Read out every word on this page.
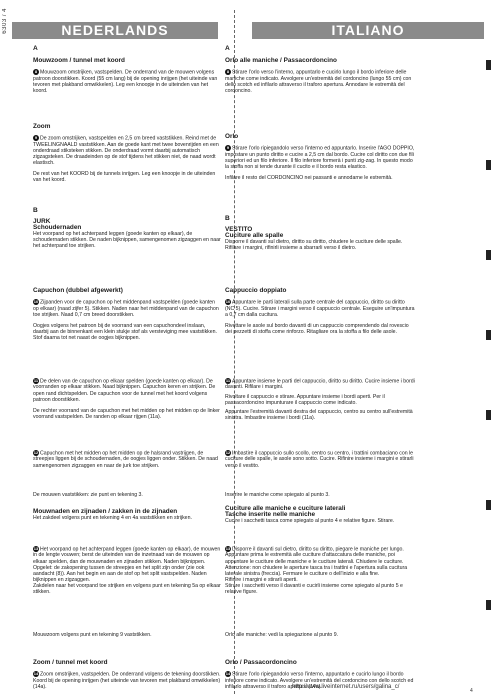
6303 / 4	NEDERLANDS	ITALIANO
A
Mouwzoom / tunnel met koord
8 Mouwzoom omstrijken, vastspelden. De onderrand van de mouwen volgens patroon doorstikken. Koord (55 cm lang) bij de opening inrijgen (het uiteinde van tevoren met plakband omwikkelen). Leg een knoopje in de uiteinden van het koord.
Zoom
9 De zoom omstrijken, vastspelden en 2,5 cm breed vaststikken. Reind met de TWEELINGNAALD vaststikken. Aan de goede kant met twee bovenrijden en een onderdraad stiksteken stikken. De onderdraad vormt daarbij automatisch zigzagsteken. De draadeinden op de stof tijdens het stikken niet, de naad wordt elastisch.
De rest van het KOORD bij de tunnels inrijgen. Leg een knoopje in de uiteinden van het koord.
B
JURK
Schoudernaden
Het voorpand op het achterpand leggen (goede kanten op elkaar), de schoudernaden stikken. De naden bijknippen, samengenomen zigzaggen en naar het achterpand toe strijken.
Capuchon (dubbel afgewerkt)
10 Zijpanden voor de capuchon op het middenpand vastspelden (goede kanten op elkaar) (naad zijfer 5). Stikken. Naden naar het middenpand van de capuchon toe strijken. Naad 0,7 cm breed doorstikken.
Oogjes volgens het patroon bij de voorrand van een capuchondeel inslaan, daarbij aan de binnenkant een klein stukje stof als versteviging mee vaststikken. Stof daarna tot net naast de oogjes bijknippen.
11 De delen van de capuchon op elkaar spelden (goede kanten op elkaar). De voorranden op elkaar stikken. Naad bijknippen. Capuchon keren en strijken. De open rand dichtspelden. De capuchon voor de tunnel met het koord volgens patroon doorstikken.
De rechter voorrand van de capuchon met het midden op het midden op de linker voorrand vastspelden. De randen op elkaar rijgen (11a).
12 Capuchon met het midden op het midden op de halsrand vastrijgen, de streepjes liggen bij de schoudernaden, de oogjes liggen onder. Stikken. De naad samengenomen zigzaggen en naar de jurk toe strijken.
De mouwen vaststikken: zie punt en tekening 3.
Mouwnaden en zijnaden / zakken in de zijnaden
Het zakdeel volgens punt en tekening 4 en 4a vaststikken en strijken.
13 Het voorpand op het achterpand leggen (goede kanten op elkaar), de mouwen in de lengte vouwen; berst de uiteinden van de inzetnaad van de mouwen op elkaar spelden, dan de mouwnaden en zijnaden stikken. Naden bijknippen. Opgelet: de zakopening tussen de streepjes en het split zijn onder (zie ook aandacht (8)). Aan het begin en aan de stof op het split vastspelden. Naden bijknippen en zigzaggen.
Zakdelen naar het voorpand toe strijken en volgens punt en tekening 5a op elkaar stikken.
Mouwzoom volgens punt en tekening 9 vaststikken.
Zoom / tunnel met koord
14 Zoom omstrijken, vastspelden. De onderrand volgens de tekening doorstikken. Koord bij de opening inrijgen (het uiteinde van tevoren met plakband omwikkelen) (14a).
A
Orlo alle maniche / Passacordoncino
8 Stirare l'orlo verso l'interno, appuntarlo e cucirlo lungo il bordo inferiore delle maniche come indicato. Avvolgere un'estremità del cordoncino (lungo 55 cm) con dello scotch ed infilarlo attraverso il traforo apertura. Annodare le estremità del cordoncino.
Orlo
9 Stirare l'orlo ripiegandolo verso l'interno ed appuntarlo. Inserire l'AGO DOPPIO, impostare un punto diritto e cucire a 2,5 cm dal bordo. Cucire col diritto con due fili superiori ed un filo inferiore. Il filo inferiore formerà i punti zig-zag. In questo modo la stoffa non si tende durante il cucito e il bordo resta elastico.
Infilare il resto del CORDONCINO nei passanti e annodarne le estremità.
B
VESTITO
Cuciture alle spalle
Disporre il davanti sul dietro, diritto su diritto, chiudere le cuciture delle spalle. Rifilare i margini, rifinirli insieme a sbarrarli verso il dietro.
Cappuccio doppiato
10 Appuntare le parti laterali sulla parte centrale del cappuccio, diritto su diritto (NC 5). Cucire. Stirare i margini verso il cappuccio centrale. Eseguire un'impuntura a 0,7 cm dalla cucitura.
Rivettare le asole sul bordo davanti di un cappuccio comprendendo dal rovescio dei pezzetti di stoffa come rinforzo. Ritagliare ora la stoffa a filo delle asole.
11 Appuntare insieme le parti del cappuccio, diritto su diritto. Cucire insieme i bordi davanti. Rifilare i margini.
Rivoltare il cappuccio e stirare. Appuntare insieme i bordi aperti. Per il passacordoncino impunturare il cappuccio come indicato.
Appuntare l'estremità davanti destra del cappuccio, centro su centro sull'estremità sinistra. Imbastire insieme i bordi (11a).
12 Imbastire il cappuccio sullo scollo, centro su centro, i trattini combaciano con le cuciture delle spalle, le asole sono sotto. Cucire. Rifinire insieme i margini e stirarli verso il vestito.
Inserire le maniche come spiegato al punto 3.
Cuciture alle maniche e cuciture laterali
Tasche inserite nelle maniche
Cucire i sacchetti tasca come spiegato al punto 4 e relative figure. Stirare.
13 Disporre il davanti sul dietro, diritto su diritto, piegare le maniche per lungo. Appuntare prima le estremità alle cuciture d'attaccatura delle maniche, poi appuntare le cuciture delle maniche e le cuciture laterali. Chiudere le cuciture. Attenzione: non chiudere le aperture tasca tra i trattini e l'apertura sulla cucitura laterale sinistra (freccia). Fermare le cuciture o dell'inizio e alla fine.
Rifinire i margini e stirarli aperti.
Stirare i sacchetti verso il davanti e cucirli insieme come spiegato al punto 5 e relative figure.
Orlo alle maniche: vedi la spiegazione al punto 9.
Orlo / Passacordoncino
14 Stirare l'orlo ripiegandolo verso l'interno, appuntarlo e cucirlo lungo il bordo inferiore come indicato. Avvolgere un'estremità del cordoncino con dello scotch ed infilarlo attraverso il traforo apertura (14a).
http://www.liveinternet.ru/users/galina_c/
4
